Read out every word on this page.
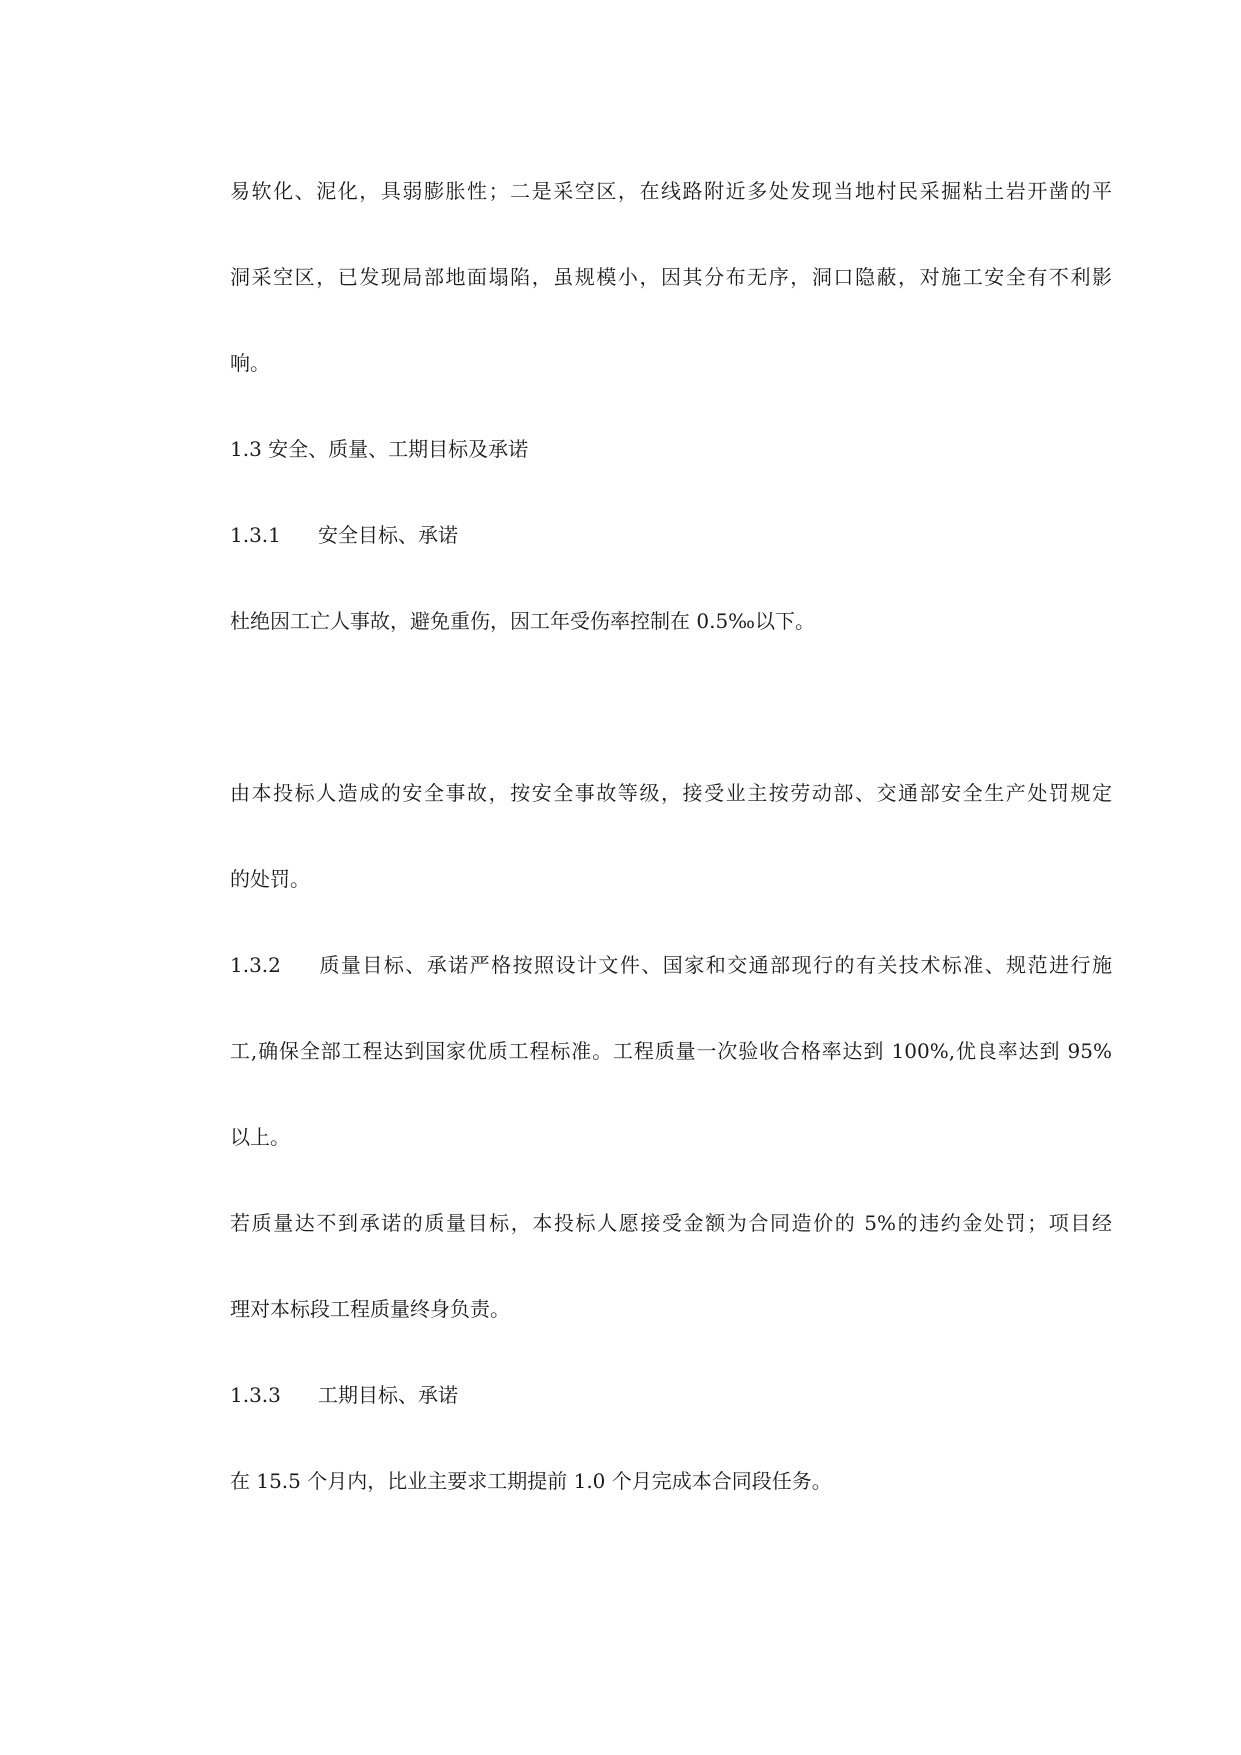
易软化、泥化，具弱膨胀性；二是采空区，在线路附近多处发现当地村民采掘粘土岩开凿的平

洞采空区，已发现局部地面塌陷，虽规模小，因其分布无序，洞口隐蔽，对施工安全有不利影

响。

1.3 安全、质量、工期目标及承诺

1.3.1 安全目标、承诺

杜绝因工亡人事故，避免重伤，因工年受伤率控制在 0.5‰以下。

由本投标人造成的安全事故，按安全事故等级，接受业主按劳动部、交通部安全生产处罚规定

的处罚。

1.3.2 质量目标、承诺严格按照设计文件、国家和交通部现行的有关技术标准、规范进行施

工,确保全部工程达到国家优质工程标准。工程质量一次验收合格率达到 100%,优良率达到 95%

以上。

若质量达不到承诺的质量目标，本投标人愿接受金额为合同造价的 5%的违约金处罚；项目经

理对本标段工程质量终身负责。

1.3.3 工期目标、承诺

在 15.5 个月内，比业主要求工期提前 1.0 个月完成本合同段任务。
